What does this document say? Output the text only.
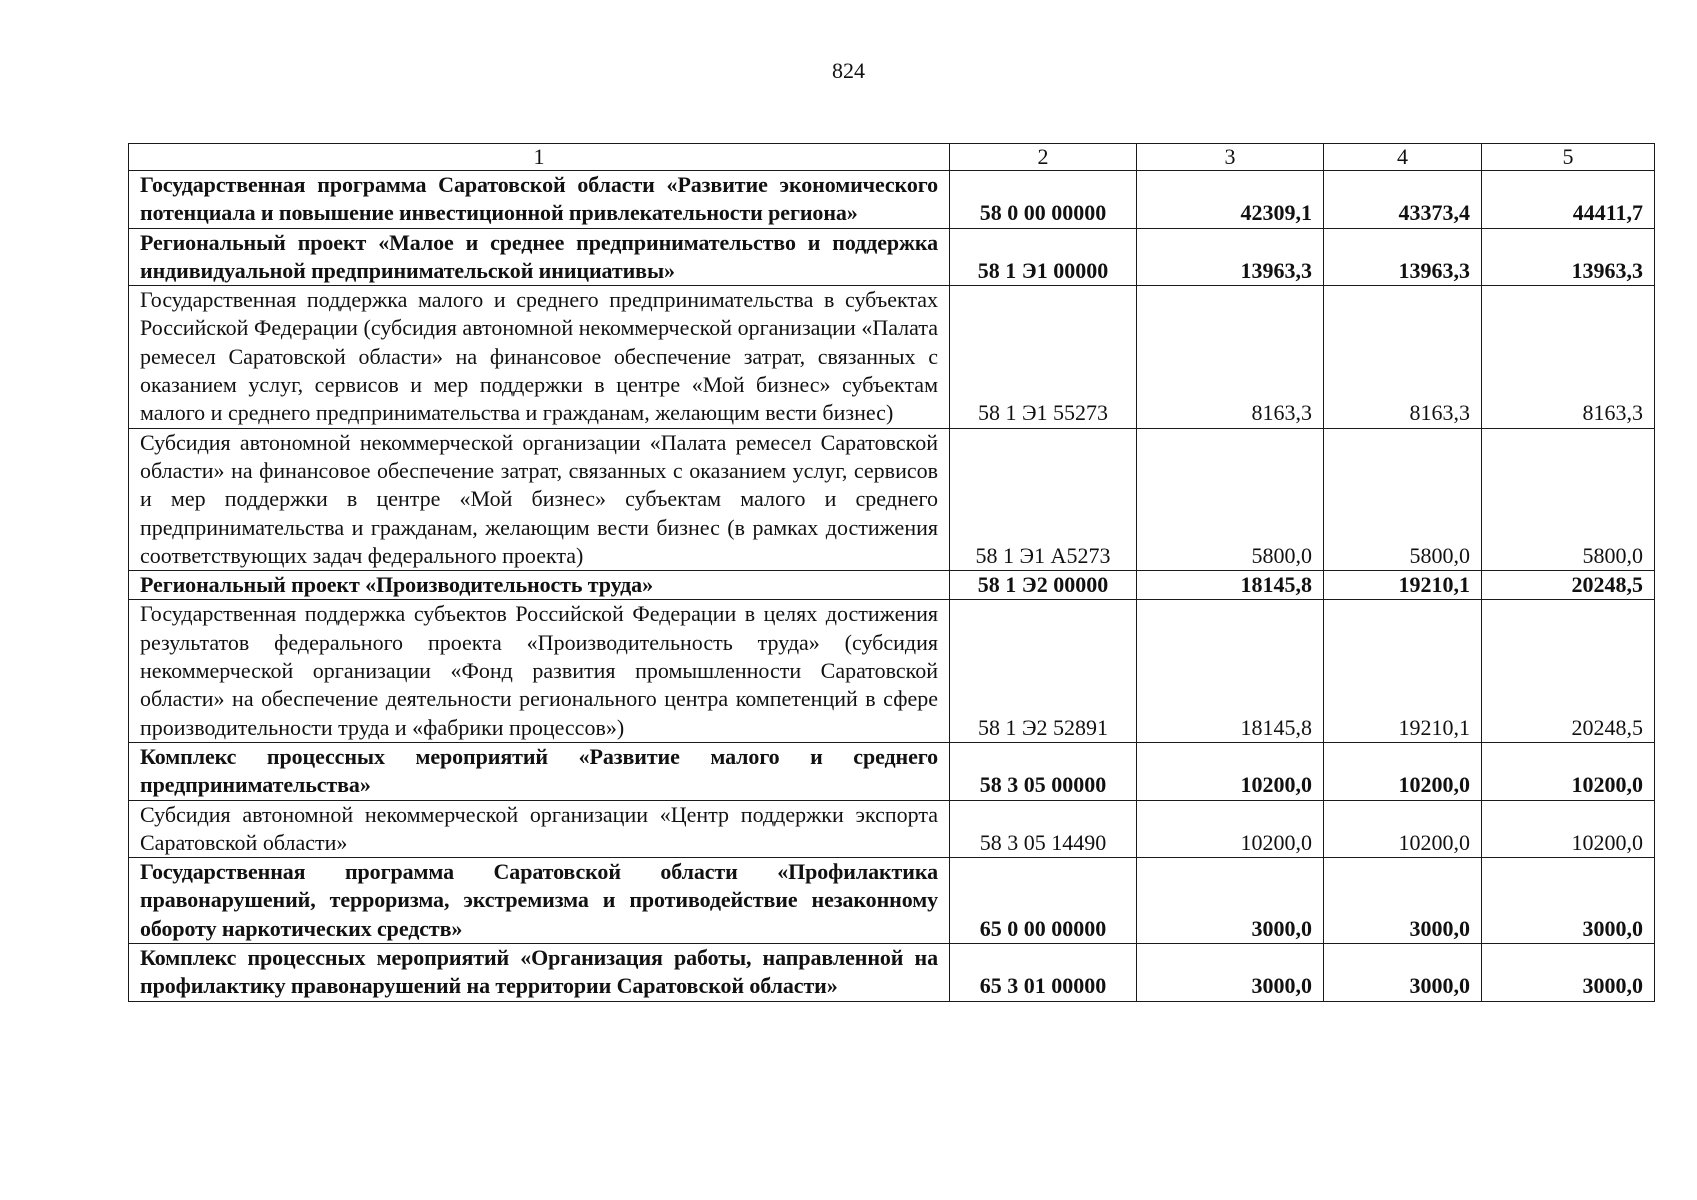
824
1	2	3	4	5
Государственная программа Саратовской области «Развитие экономического потенциала и повышение инвестиционной привлекательности региона»	58 0 00 00000	42309,1	43373,4	44411,7
Региональный проект «Малое и среднее предпринимательство и поддержка индивидуальной предпринимательской инициативы»	58 1 Э1 00000	13963,3	13963,3	13963,3
Государственная поддержка малого и среднего предпринимательства в субъектах Российской Федерации (субсидия автономной некоммерческой организации «Палата ремесел Саратовской области» на финансовое обеспечение затрат, связанных с оказанием услуг, сервисов и мер поддержки в центре «Мой бизнес» субъектам малого и среднего предпринимательства и гражданам, желающим вести бизнес)	58 1 Э1 55273	8163,3	8163,3	8163,3
Субсидия автономной некоммерческой организации «Палата ремесел Саратовской области» на финансовое обеспечение затрат, связанных с оказанием услуг, сервисов и мер поддержки в центре «Мой бизнес» субъектам малого и среднего предпринимательства и гражданам, желающим вести бизнес (в рамках достижения соответствующих задач федерального проекта)	58 1 Э1 А5273	5800,0	5800,0	5800,0
Региональный проект «Производительность труда»	58 1 Э2 00000	18145,8	19210,1	20248,5
Государственная поддержка субъектов Российской Федерации в целях достижения результатов федерального проекта «Производительность труда» (субсидия некоммерческой организации «Фонд развития промышленности Саратовской области» на обеспечение деятельности регионального центра компетенций в сфере производительности труда и «фабрики процессов»)	58 1 Э2 52891	18145,8	19210,1	20248,5
Комплекс процессных мероприятий «Развитие малого и среднего предпринимательства»	58 3 05 00000	10200,0	10200,0	10200,0
Субсидия автономной некоммерческой организации «Центр поддержки экспорта Саратовской области»	58 3 05 14490	10200,0	10200,0	10200,0
Государственная программа Саратовской области «Профилактика правонарушений, терроризма, экстремизма и противодействие незаконному обороту наркотических средств»	65 0 00 00000	3000,0	3000,0	3000,0
Комплекс процессных мероприятий «Организация работы, направленной на профилактику правонарушений на территории Саратовской области»	65 3 01 00000	3000,0	3000,0	3000,0
